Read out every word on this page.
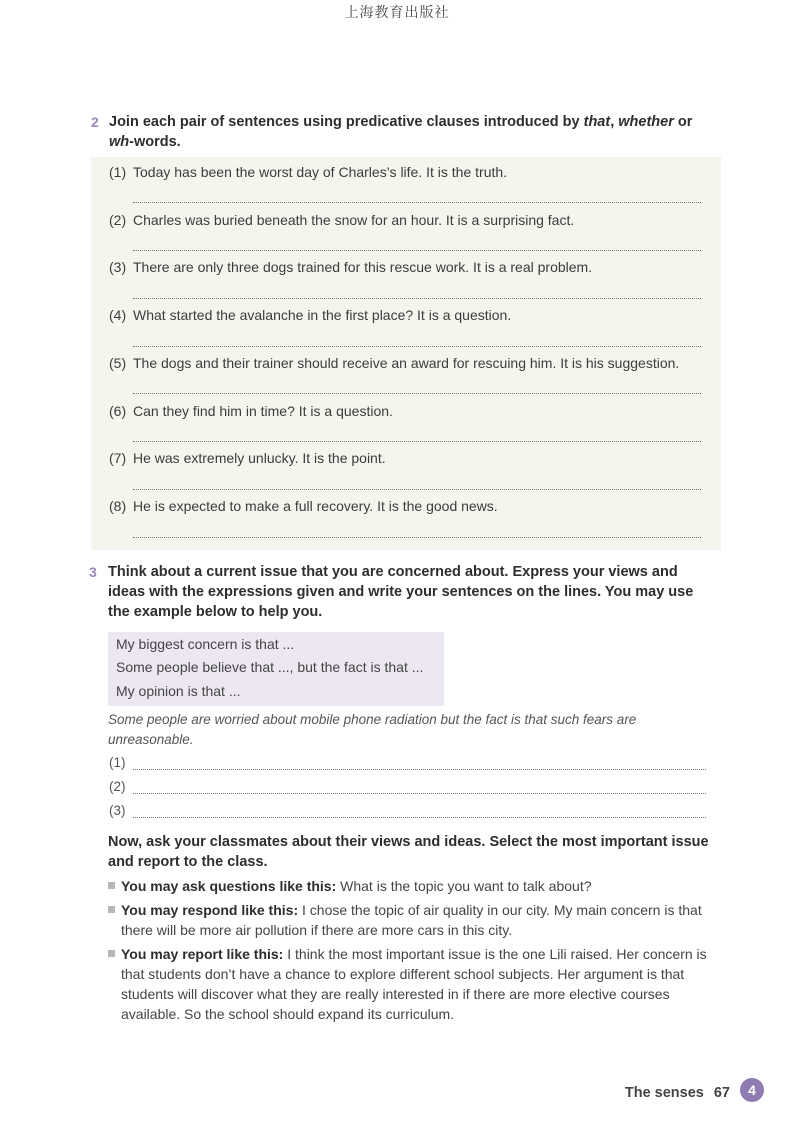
上海教育出版社
2 Join each pair of sentences using predicative clauses introduced by that, whether or wh-words.
(1) Today has been the worst day of Charles’s life. It is the truth.
(2) Charles was buried beneath the snow for an hour. It is a surprising fact.
(3) There are only three dogs trained for this rescue work. It is a real problem.
(4) What started the avalanche in the first place? It is a question.
(5) The dogs and their trainer should receive an award for rescuing him. It is his suggestion.
(6) Can they find him in time? It is a question.
(7) He was extremely unlucky. It is the point.
(8) He is expected to make a full recovery. It is the good news.
3 Think about a current issue that you are concerned about. Express your views and ideas with the expressions given and write your sentences on the lines. You may use the example below to help you.
My biggest concern is that ...
Some people believe that ..., but the fact is that ...
My opinion is that ...
Some people are worried about mobile phone radiation but the fact is that such fears are unreasonable.
(1)
(2)
(3)
Now, ask your classmates about their views and ideas. Select the most important issue and report to the class.
You may ask questions like this: What is the topic you want to talk about?
You may respond like this: I chose the topic of air quality in our city. My main concern is that there will be more air pollution if there are more cars in this city.
You may report like this: I think the most important issue is the one Lili raised. Her concern is that students don’t have a chance to explore different school subjects. Her argument is that students will discover what they are really interested in if there are more elective courses available. So the school should expand its curriculum.
The senses 67	4
